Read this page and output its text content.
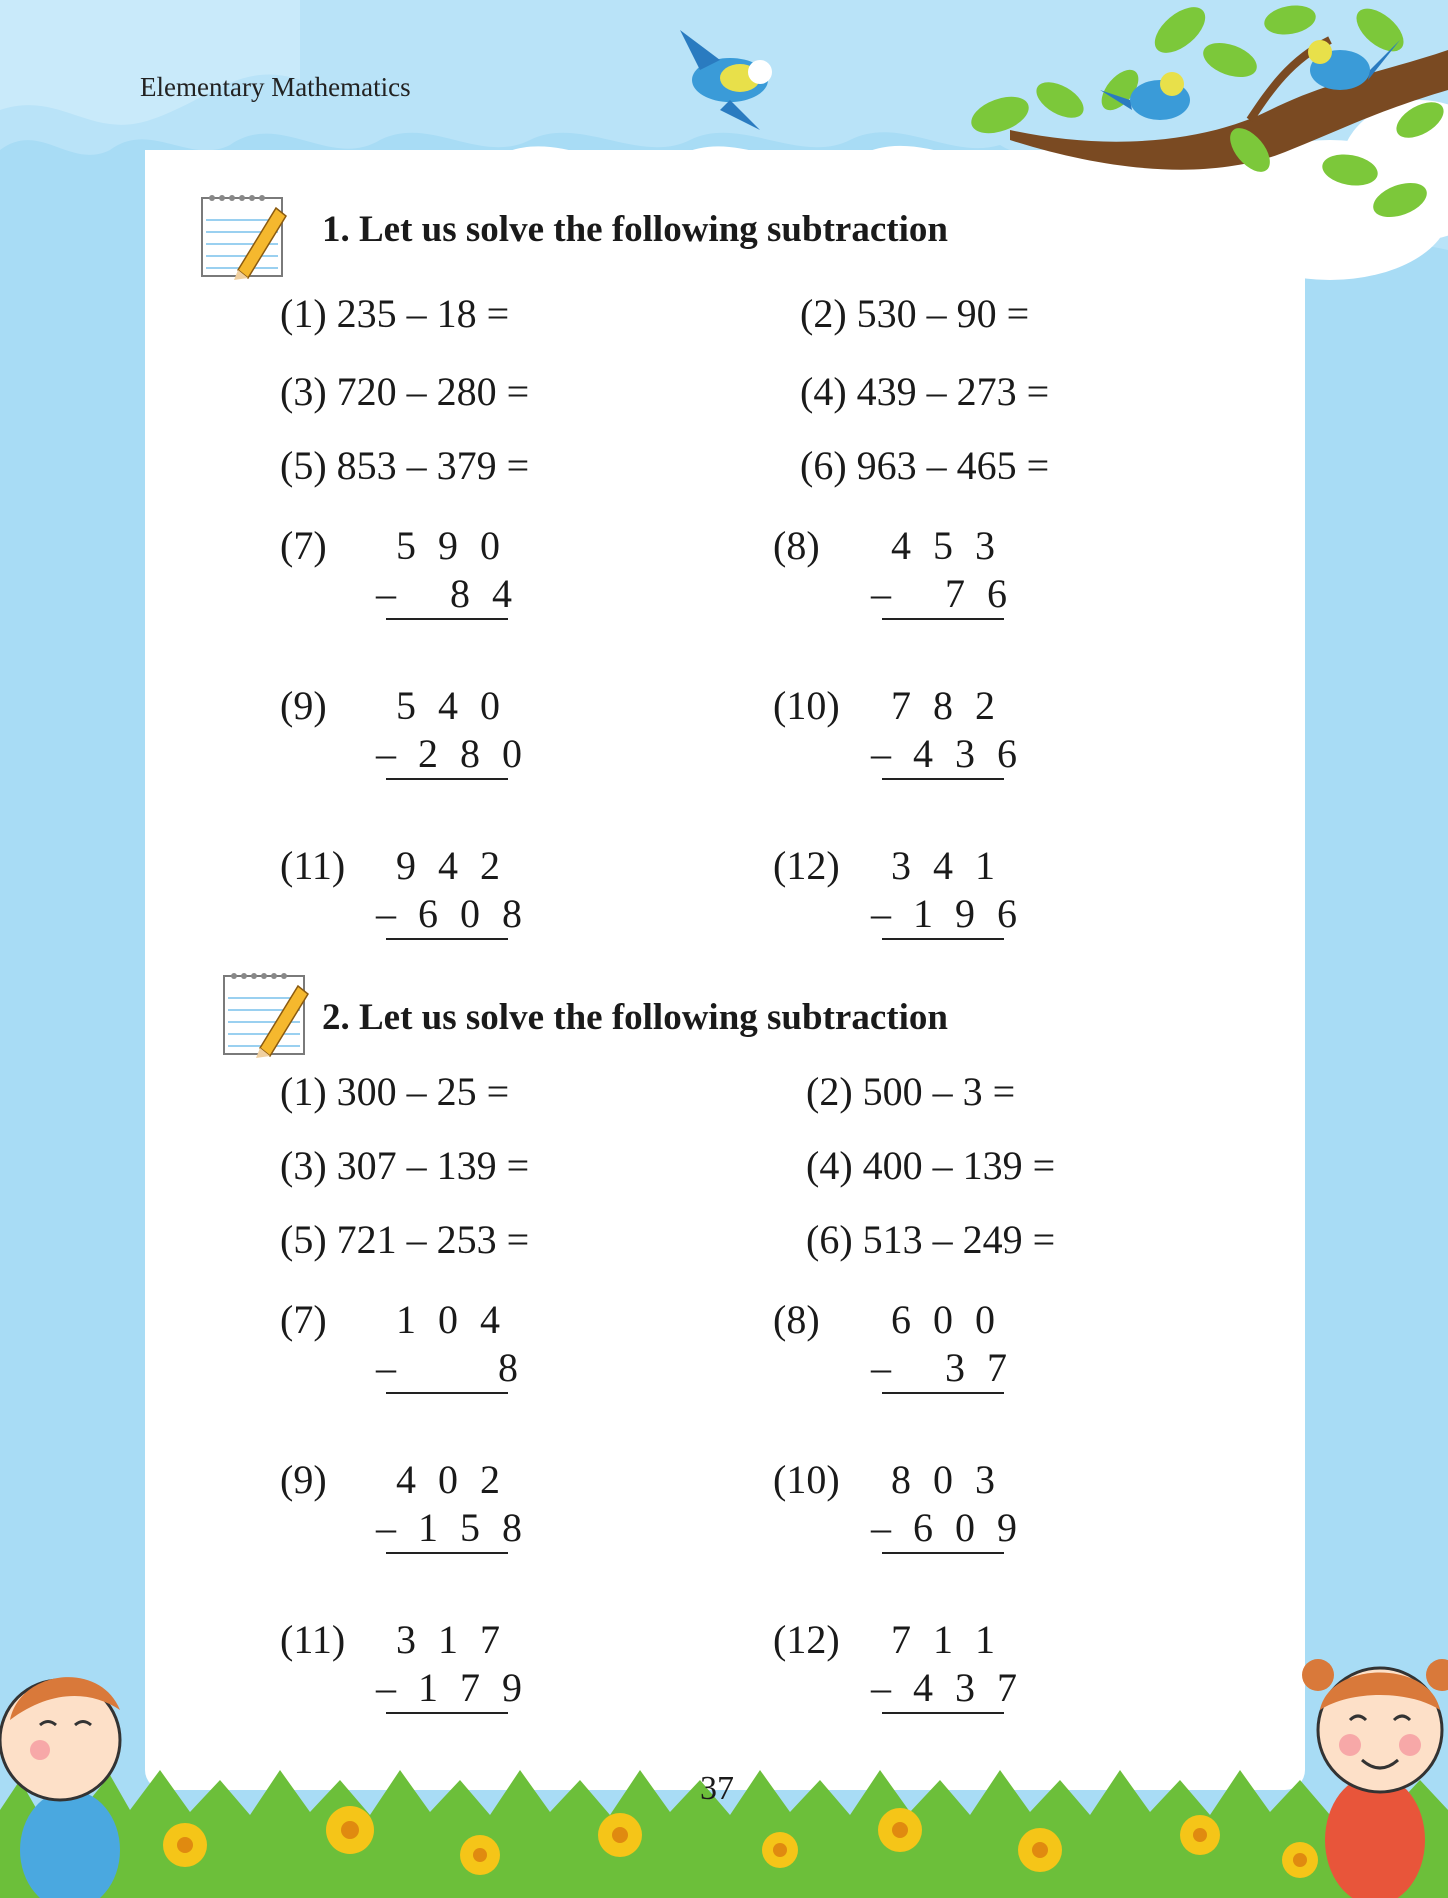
Elementary Mathematics
1. Let us solve the following subtraction
(1) 235 – 18 =	(2) 530 – 90 =
(3) 720 – 280 =	(4) 439 – 273 =
(5) 853 – 379 =	(6) 963 – 465 =
(7)	5 9 0
–   8 4
(8)	4 5 3
–   7 6
(9)	5 4 0
– 2 8 0
(10)	7 8 2
– 4 3 6
(11)	9 4 2
– 6 0 8
(12)	3 4 1
– 1 9 6
2. Let us solve the following subtraction
(1) 300 – 25 =	(2) 500 – 3 =
(3) 307 – 139 =	(4) 400 – 139 =
(5) 721 – 253 =	(6) 513 – 249 =
(7)	1 0 4
–      8
(8)	6 0 0
–   3 7
(9)	4 0 2
– 1 5 8
(10)	8 0 3
– 6 0 9
(11)	3 1 7
– 1 7 9
(12)	7 1 1
– 4 3 7
37
